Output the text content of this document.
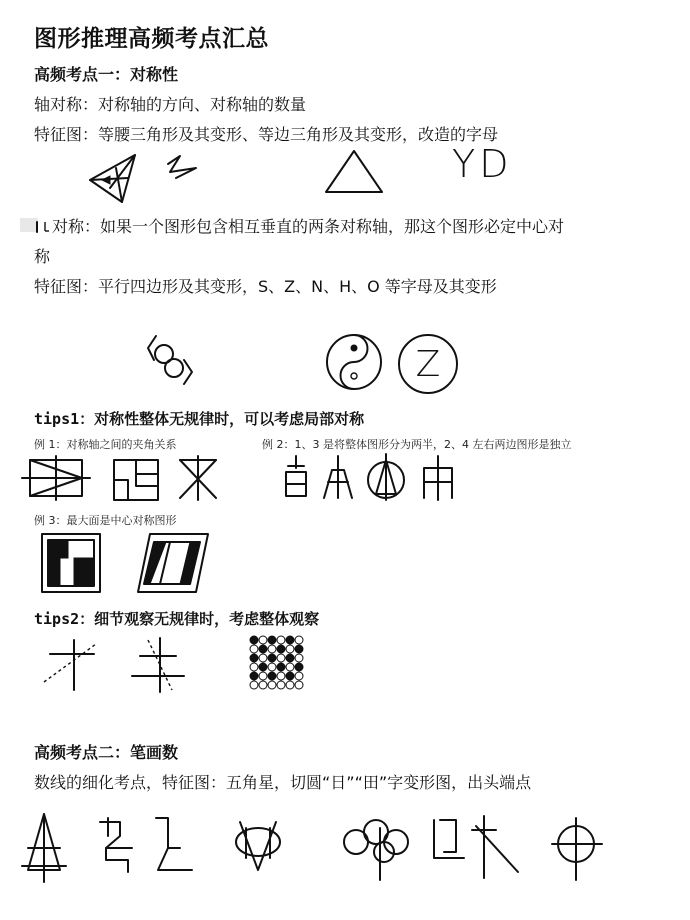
图形推理高频考点汇总
高频考点一：对称性
轴对称：对称轴的方向、对称轴的数量
特征图：等腰三角形及其变形、等边三角形及其变形，改造的字母
YD
对称：如果一个图形包含相互垂直的两条对称轴，那这个图形必定中心对
称
特征图：平行四边形及其变形，S、Z、N、H、O 等字母及其变形
Z
tips1：对称性整体无规律时，可以考虑局部对称
例 1：对称轴之间的夹角关系	例 2：1、3 是将整体图形分为两半，2、4 左右两边图形是独立
例 3：最大面是中心对称图形
tips2：细节观察无规律时，考虑整体观察
高频考点二：笔画数
数线的细化考点，特征图：五角星，切圆“日”“田”字变形图，出头端点
